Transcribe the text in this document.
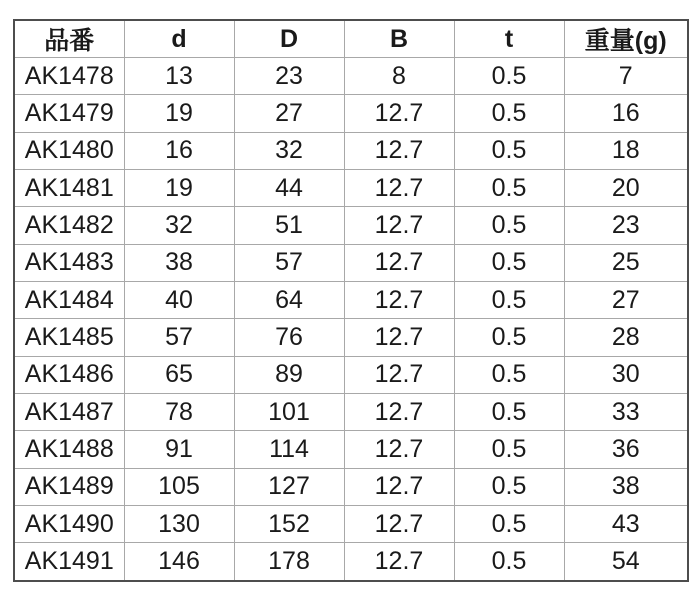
品番	d	D	B	t	重量(g)
AK1478	13	23	8	0.5	7
AK1479	19	27	12.7	0.5	16
AK1480	16	32	12.7	0.5	18
AK1481	19	44	12.7	0.5	20
AK1482	32	51	12.7	0.5	23
AK1483	38	57	12.7	0.5	25
AK1484	40	64	12.7	0.5	27
AK1485	57	76	12.7	0.5	28
AK1486	65	89	12.7	0.5	30
AK1487	78	101	12.7	0.5	33
AK1488	91	114	12.7	0.5	36
AK1489	105	127	12.7	0.5	38
AK1490	130	152	12.7	0.5	43
AK1491	146	178	12.7	0.5	54
